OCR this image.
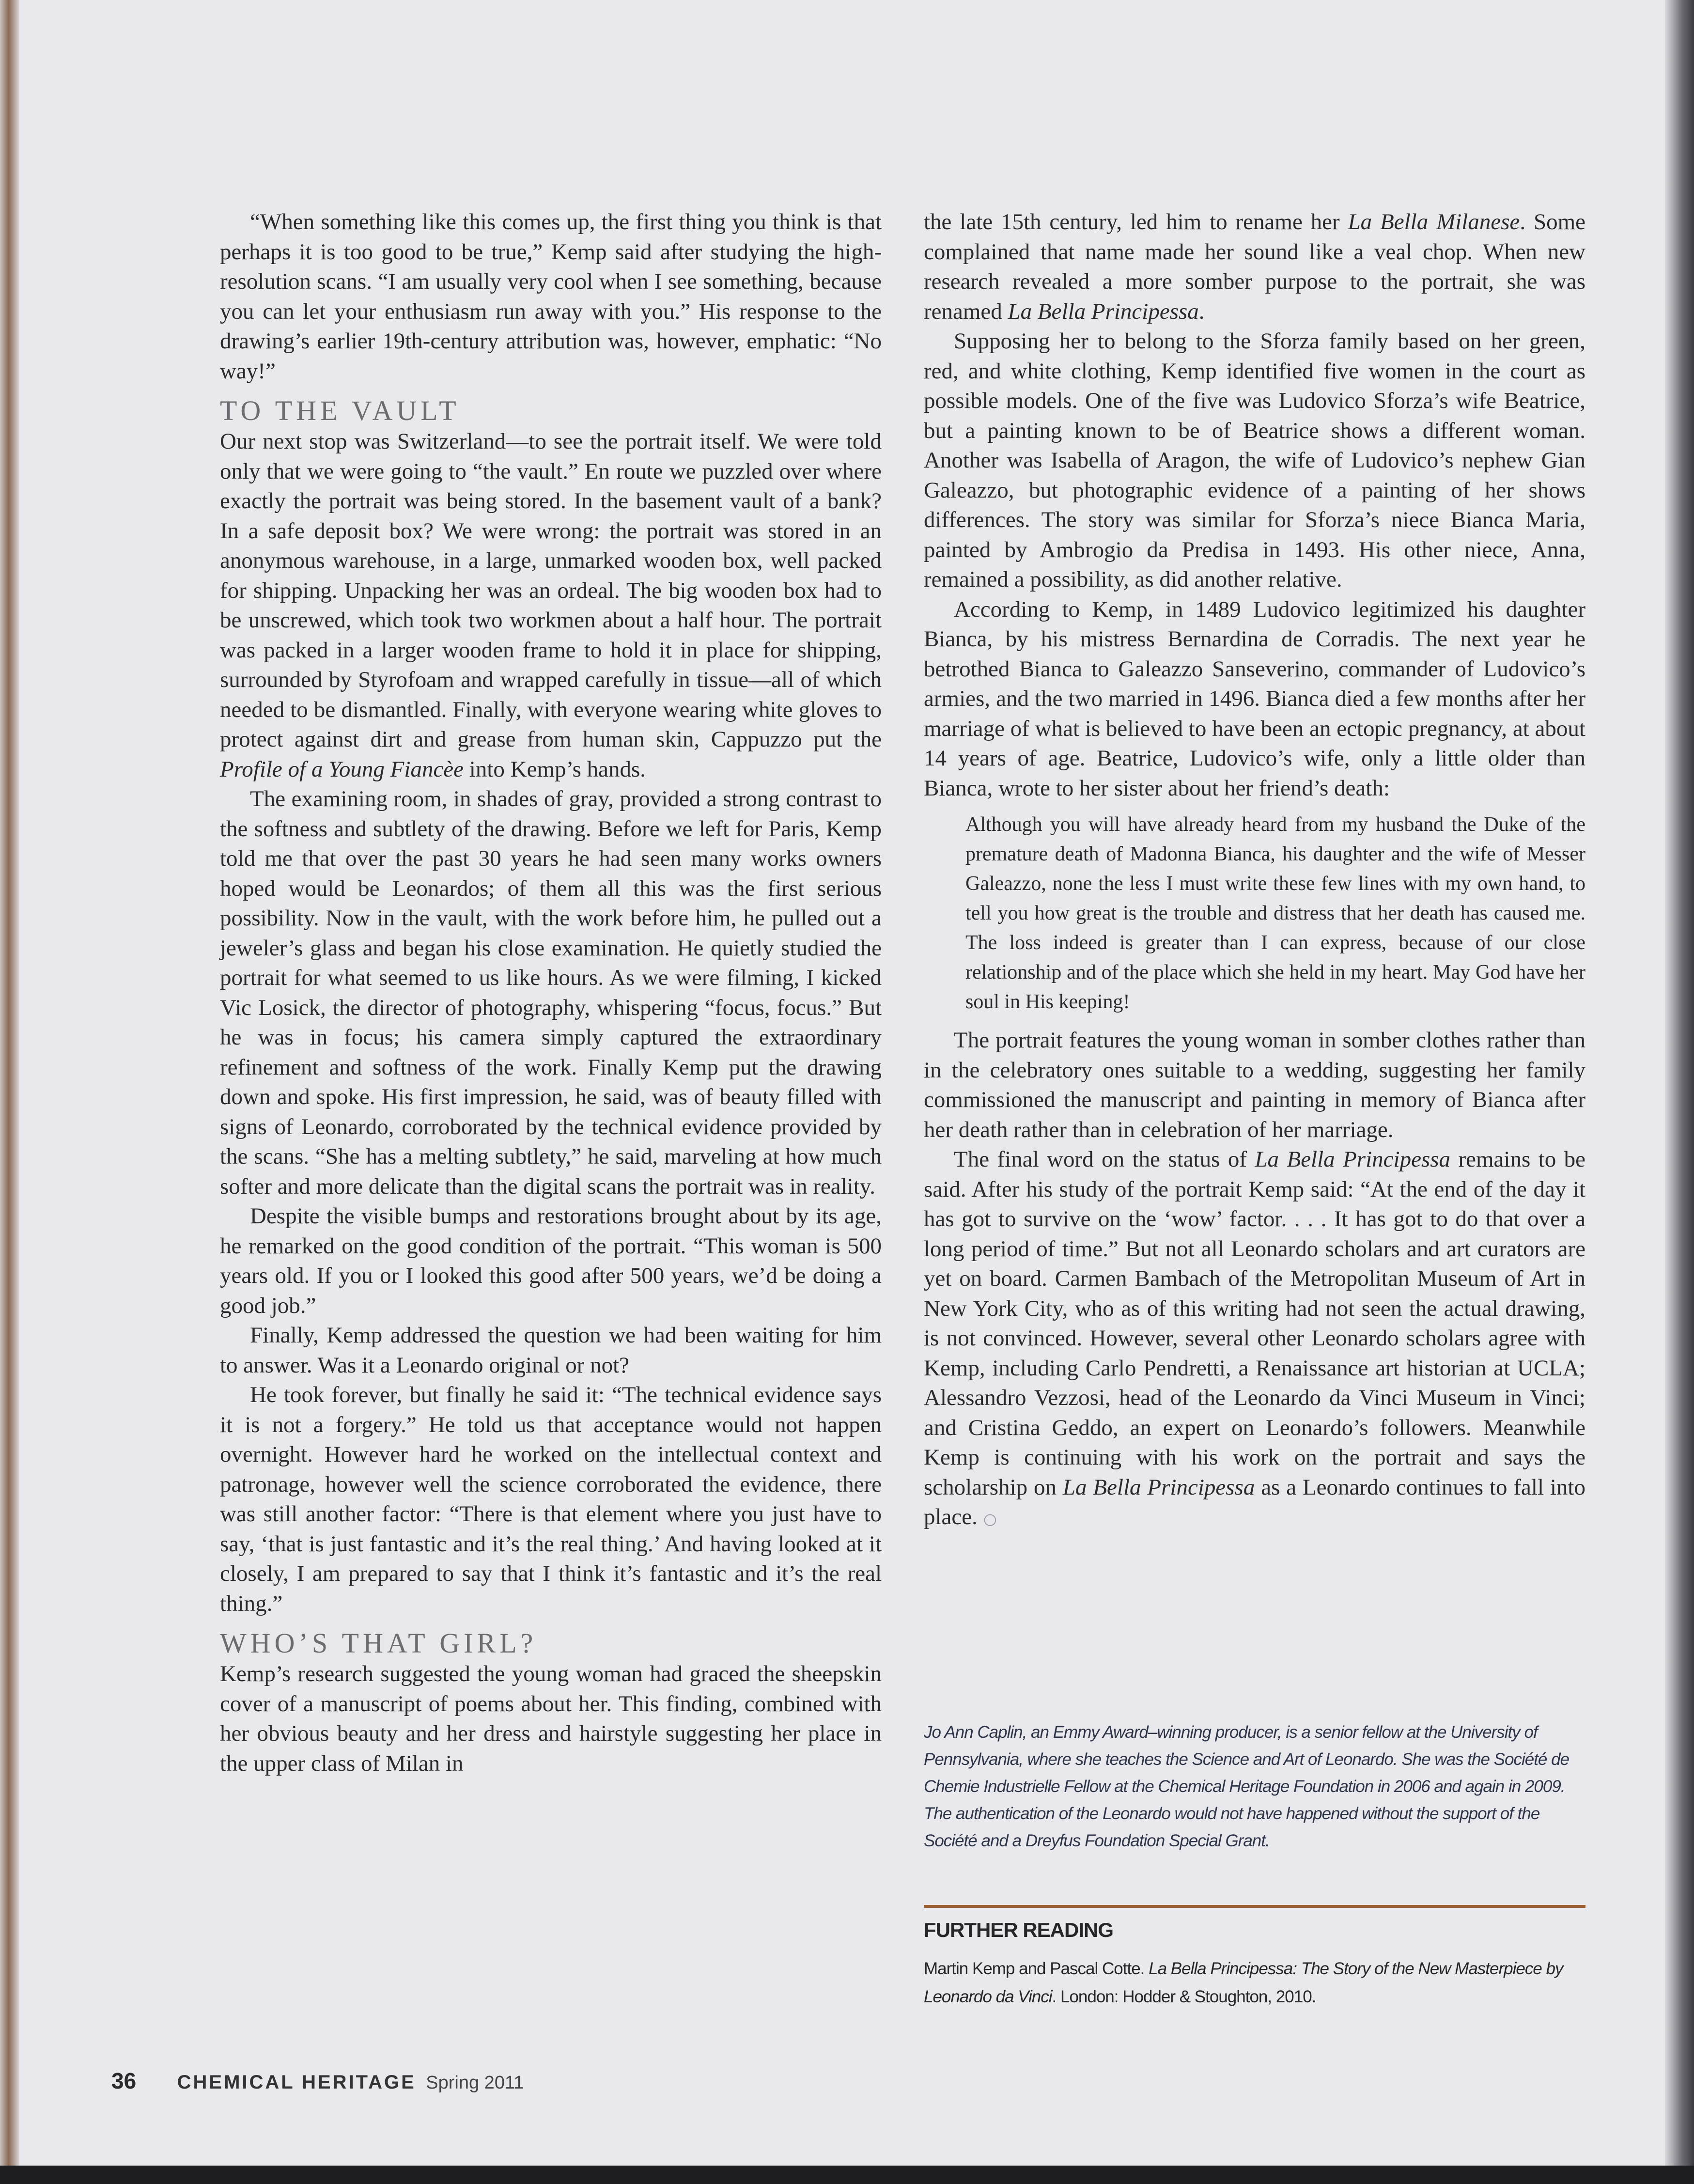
“When something like this comes up, the first thing you think is that perhaps it is too good to be true,” Kemp said after studying the high-resolution scans. “I am usually very cool when I see something, because you can let your enthusiasm run away with you.” His response to the drawing’s earlier 19th-century attribution was, however, emphatic: “No way!”

TO THE VAULT

Our next stop was Switzerland—to see the portrait itself. We were told only that we were going to “the vault.” En route we puzzled over where exactly the portrait was being stored. In the basement vault of a bank? In a safe deposit box? We were wrong: the portrait was stored in an anonymous warehouse, in a large, unmarked wooden box, well packed for shipping. Unpacking her was an ordeal. The big wooden box had to be unscrewed, which took two workmen about a half hour. The portrait was packed in a larger wooden frame to hold it in place for shipping, surrounded by Styrofoam and wrapped carefully in tissue—all of which needed to be dismantled. Finally, with everyone wearing white gloves to protect against dirt and grease from human skin, Cappuzzo put the Profile of a Young Fiancèe into Kemp’s hands.

The examining room, in shades of gray, provided a strong contrast to the softness and subtlety of the drawing. Before we left for Paris, Kemp told me that over the past 30 years he had seen many works owners hoped would be Leonardos; of them all this was the first serious possibility. Now in the vault, with the work before him, he pulled out a jeweler’s glass and began his close examination. He quietly studied the portrait for what seemed to us like hours. As we were filming, I kicked Vic Losick, the director of photography, whispering “focus, focus.” But he was in focus; his camera simply captured the extraordinary refinement and softness of the work. Finally Kemp put the drawing down and spoke. His first impression, he said, was of beauty filled with signs of Leonardo, corroborated by the technical evidence provided by the scans. “She has a melting subtlety,” he said, marveling at how much softer and more delicate than the digital scans the portrait was in reality.

Despite the visible bumps and restorations brought about by its age, he remarked on the good condition of the portrait. “This woman is 500 years old. If you or I looked this good after 500 years, we’d be doing a good job.”

Finally, Kemp addressed the question we had been waiting for him to answer. Was it a Leonardo original or not?

He took forever, but finally he said it: “The technical evidence says it is not a forgery.” He told us that acceptance would not happen overnight. However hard he worked on the intellectual context and patronage, however well the science corroborated the evidence, there was still another factor: “There is that element where you just have to say, ‘that is just fantastic and it’s the real thing.’ And having looked at it closely, I am prepared to say that I think it’s fantastic and it’s the real thing.”

WHO’S THAT GIRL?

Kemp’s research suggested the young woman had graced the sheepskin cover of a manuscript of poems about her. This finding, combined with her obvious beauty and her dress and hairstyle suggesting her place in the upper class of Milan in

the late 15th century, led him to rename her La Bella Milanese. Some complained that name made her sound like a veal chop. When new research revealed a more somber purpose to the portrait, she was renamed La Bella Principessa.

Supposing her to belong to the Sforza family based on her green, red, and white clothing, Kemp identified five women in the court as possible models. One of the five was Ludovico Sforza’s wife Beatrice, but a painting known to be of Beatrice shows a different woman. Another was Isabella of Aragon, the wife of Ludovico’s nephew Gian Galeazzo, but photographic evidence of a painting of her shows differences. The story was similar for Sforza’s niece Bianca Maria, painted by Ambrogio da Predisa in 1493. His other niece, Anna, remained a possibility, as did another relative.

According to Kemp, in 1489 Ludovico legitimized his daughter Bianca, by his mistress Bernardina de Corradis. The next year he betrothed Bianca to Galeazzo Sanseverino, commander of Ludovico’s armies, and the two married in 1496. Bianca died a few months after her marriage of what is believed to have been an ectopic pregnancy, at about 14 years of age. Beatrice, Ludovico’s wife, only a little older than Bianca, wrote to her sister about her friend’s death:

Although you will have already heard from my husband the Duke of the premature death of Madonna Bianca, his daughter and the wife of Messer Galeazzo, none the less I must write these few lines with my own hand, to tell you how great is the trouble and distress that her death has caused me. The loss indeed is greater than I can express, because of our close relationship and of the place which she held in my heart. May God have her soul in His keeping!

The portrait features the young woman in somber clothes rather than in the celebratory ones suitable to a wedding, suggesting her family commissioned the manuscript and painting in memory of Bianca after her death rather than in celebration of her marriage.

The final word on the status of La Bella Principessa remains to be said. After his study of the portrait Kemp said: “At the end of the day it has got to survive on the ‘wow’ factor. . . . It has got to do that over a long period of time.” But not all Leonardo scholars and art curators are yet on board. Carmen Bambach of the Metropolitan Museum of Art in New York City, who as of this writing had not seen the actual drawing, is not convinced. However, several other Leonardo scholars agree with Kemp, including Carlo Pendretti, a Renaissance art historian at UCLA; Alessandro Vezzosi, head of the Leonardo da Vinci Museum in Vinci; and Cristina Geddo, an expert on Leonardo’s followers. Meanwhile Kemp is continuing with his work on the portrait and says the scholarship on La Bella Principessa as a Leonardo continues to fall into place. ○

Jo Ann Caplin, an Emmy Award–winning producer, is a senior fellow at the University of Pennsylvania, where she teaches the Science and Art of Leonardo. She was the Société de Chemie Industrielle Fellow at the Chemical Heritage Foundation in 2006 and again in 2009. The authentication of the Leonardo would not have happened without the support of the Société and a Dreyfus Foundation Special Grant.
FURTHER READING
Martin Kemp and Pascal Cotte. La Bella Principessa: The Story of the New Masterpiece by Leonardo da Vinci. London: Hodder & Stoughton, 2010.
36 CHEMICAL HERITAGE Spring 2011
